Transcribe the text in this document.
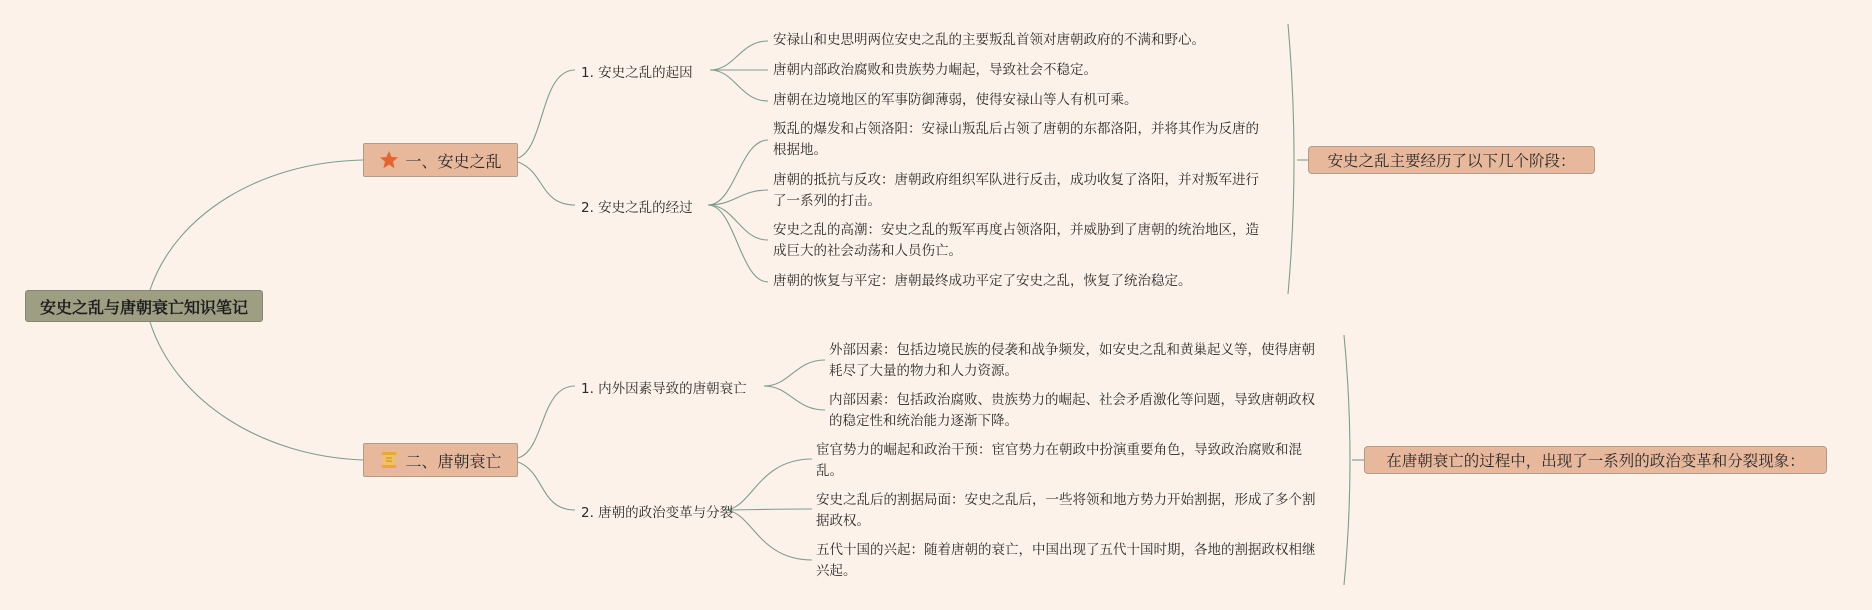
安史之乱与唐朝衰亡知识笔记
一、安史之乱
二、唐朝衰亡
1. 安史之乱的起因
2. 安史之乱的经过
1. 内外因素导致的唐朝衰亡
2. 唐朝的政治变革与分裂
安禄山和史思明两位安史之乱的主要叛乱首领对唐朝政府的不满和野心。
唐朝内部政治腐败和贵族势力崛起，导致社会不稳定。
唐朝在边境地区的军事防御薄弱，使得安禄山等人有机可乘。
叛乱的爆发和占领洛阳：安禄山叛乱后占领了唐朝的东都洛阳，并将其作为反唐的根据地。
唐朝的抵抗与反攻：唐朝政府组织军队进行反击，成功收复了洛阳，并对叛军进行了一系列的打击。
安史之乱的高潮：安史之乱的叛军再度占领洛阳，并威胁到了唐朝的统治地区，造成巨大的社会动荡和人员伤亡。
唐朝的恢复与平定：唐朝最终成功平定了安史之乱，恢复了统治稳定。
外部因素：包括边境民族的侵袭和战争频发，如安史之乱和黄巢起义等，使得唐朝耗尽了大量的物力和人力资源。
内部因素：包括政治腐败、贵族势力的崛起、社会矛盾激化等问题，导致唐朝政权的稳定性和统治能力逐渐下降。
宦官势力的崛起和政治干预：宦官势力在朝政中扮演重要角色，导致政治腐败和混乱。
安史之乱后的割据局面：安史之乱后，一些将领和地方势力开始割据，形成了多个割据政权。
五代十国的兴起：随着唐朝的衰亡，中国出现了五代十国时期，各地的割据政权相继兴起。
安史之乱主要经历了以下几个阶段：
在唐朝衰亡的过程中，出现了一系列的政治变革和分裂现象：
